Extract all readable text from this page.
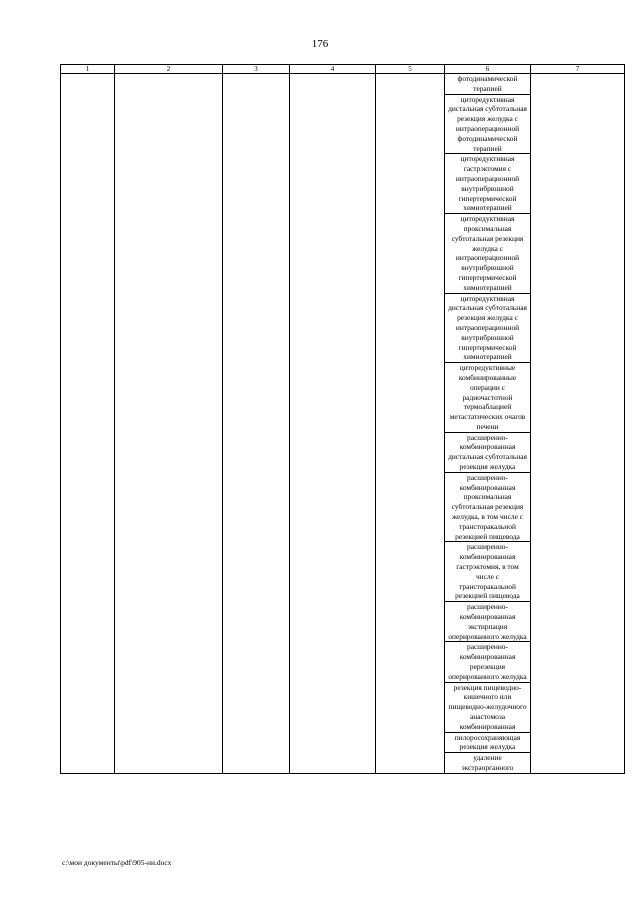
176
1	2	3	4	5	6	7

					фотодинамической терапией	

					циторедуктивная дистальная субтотальная резекция желудка с интраоперационной фотодинамической терапией	

					циторедуктивная гастрэктомия с интраоперационной внутрибрюшной гипертермической химиотерапией	

					циторедуктивная проксимальная субтотальная резекция желудка с интраоперационной внутрибрюшной гипертермической химиотерапией	

					циторедуктивная дистальная субтотальная резекция желудка с интраоперационной внутрибрюшной гипертермической химиотерапией	

					циторедуктивные комбинированные операции с радиочастотной термоаблацией метастатических очагов печени	

					расширенно-комбинированная дистальная субтотальная резекция желудка	

					расширенно-комбинированная проксимальная субтотальная резекция желудка, в том числе с трансторакальной резекцией пищевода	

					расширенно-комбинированная гастрэктомия, в том числе с трансторакальной резекцией пищевода	

					расширенно-комбинированная экстирпация оперированного желудка	

					расширенно-комбинированная ререзекция оперированного желудка	

					резекция пищеводно-кишечного или пищеводно-желудочного анастомоза комбинированная	

					пилоросохраняющая резекция желудка	

					удаление экстраорганного	
c:\мои документы\pdf\905-ни.docx
